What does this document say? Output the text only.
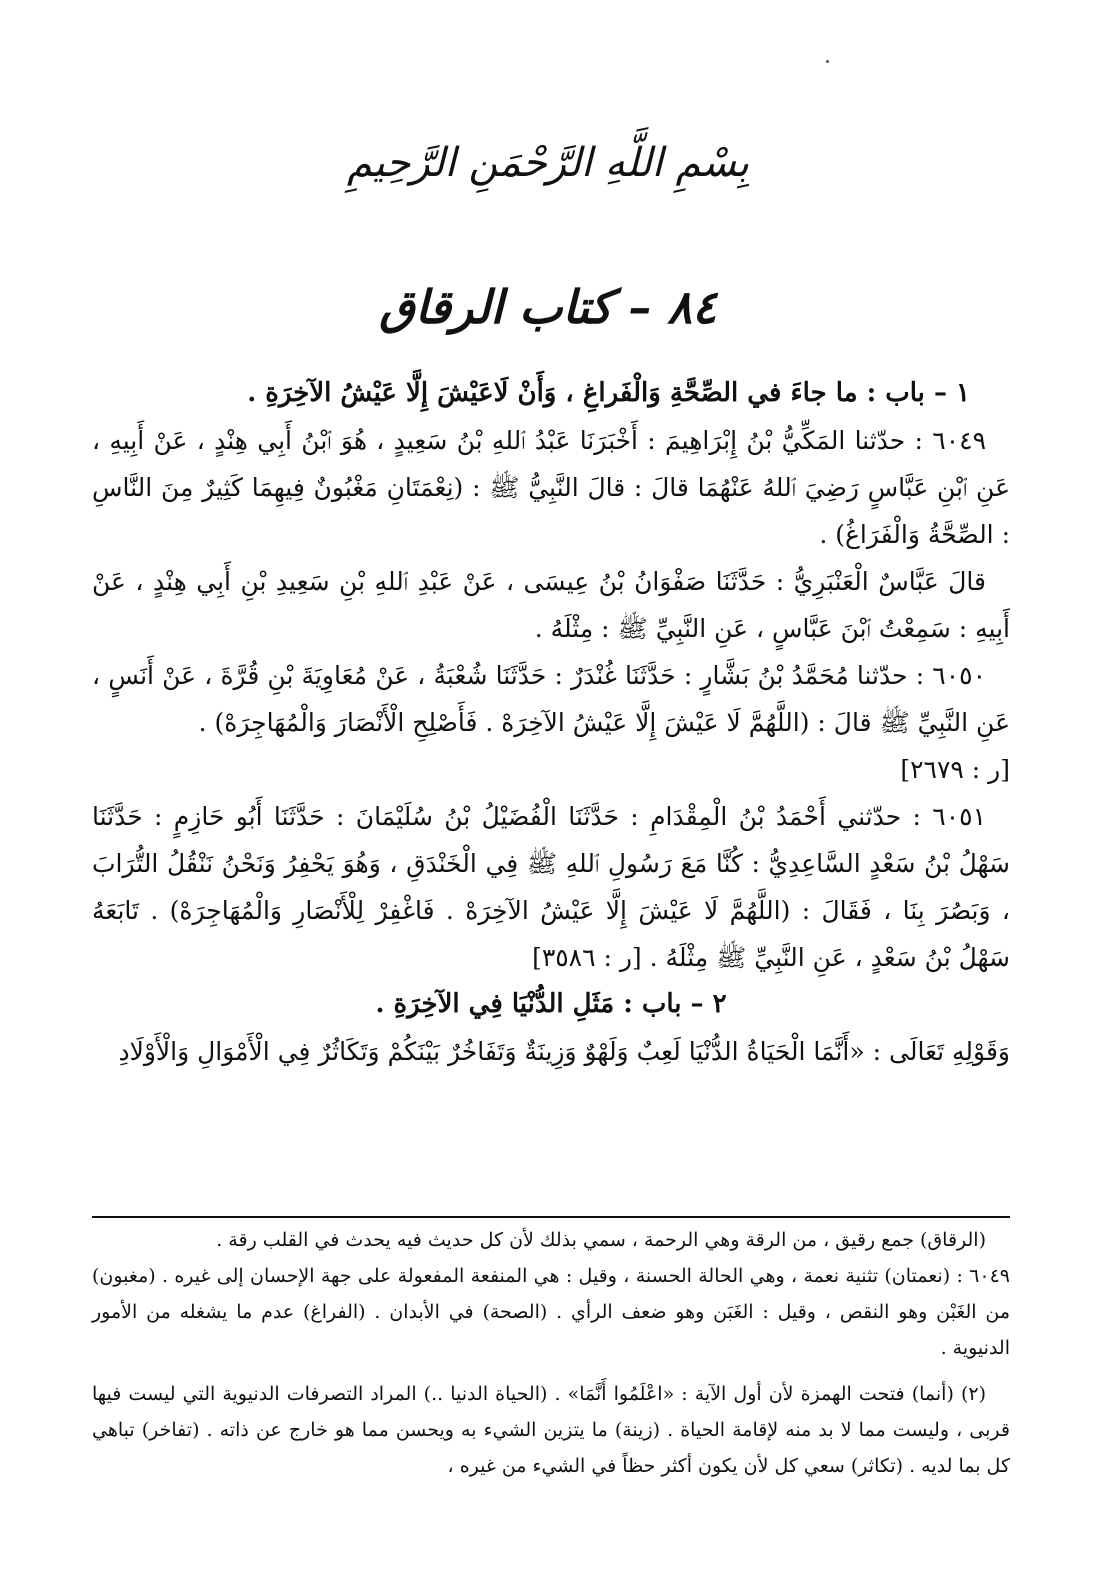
بِسْمِ اللَّهِ الرَّحْمَنِ الرَّحِيمِ
٨٤ – كتاب الرقاق

١ – باب : ما جاءَ في الصِّحَّةِ وَالْفَراغِ ، وَأَنْ لَاعَيْشَ إِلَّا عَيْشُ الآخِرَةِ .

٦٠٤٩ : حدّثنا المَكِّيُّ بْنُ إِبْرَاهِيمَ : أَخْبَرَنَا عَبْدُ ٱللهِ بْنُ سَعِيدٍ ، هُوَ ٱبْنُ أَبِي هِنْدٍ ، عَنْ أَبِيهِ ، عَنِ ٱبْنِ عَبَّاسٍ رَضِيَ ٱللهُ عَنْهُمَا قالَ : قالَ النَّبِيُّ ﷺ : (نِعْمَتَانِ مَغْبُونٌ فِيهِمَا كَثِيرٌ مِنَ النَّاسِ : الصِّحَّةُ وَالْفَرَاغُ) .

قالَ عَبَّاسٌ الْعَنْبَرِيُّ : حَدَّثَنَا صَفْوَانُ بْنُ عِيسَى ، عَنْ عَبْدِ ٱللهِ بْنِ سَعِيدِ بْنِ أَبِي هِنْدٍ ، عَنْ أَبِيهِ : سَمِعْتُ ٱبْنَ عَبَّاسٍ ، عَنِ النَّبِيِّ ﷺ : مِثْلَهُ .

٦٠٥٠ : حدّثنا مُحَمَّدُ بْنُ بَشَّارٍ : حَدَّثَنَا غُنْدَرٌ : حَدَّثَنَا شُعْبَةُ ، عَنْ مُعَاوِيَةَ بْنِ قُرَّةَ ، عَنْ أَنَسٍ ، عَنِ النَّبِيِّ ﷺ قالَ : (اللَّهُمَّ لَا عَيْشَ إِلَّا عَيْشُ الآخِرَهْ . فَأَصْلِحِ الْأَنْصَارَ وَالْمُهَاجِرَهْ) .

[ر : ٢٦٧٩]

٦٠٥١ : حدّثني أَحْمَدُ بْنُ الْمِقْدَامِ : حَدَّثَنَا الْفُضَيْلُ بْنُ سُلَيْمَانَ : حَدَّثَنَا أَبُو حَازِمٍ : حَدَّثَنَا سَهْلُ بْنُ سَعْدٍ السَّاعِدِيُّ : كُنَّا مَعَ رَسُولِ ٱللهِ ﷺ فِي الْخَنْدَقِ ، وَهُوَ يَحْفِرُ وَنَحْنُ نَنْقُلُ التُّرَابَ ، وَبَصُرَ بِنَا ، فَقَالَ : (اللَّهُمَّ لَا عَيْشَ إِلَّا عَيْشُ الآخِرَهْ . فَاغْفِرْ لِلْأَنْصَارِ وَالْمُهَاجِرَهْ) . تَابَعَهُ سَهْلُ بْنُ سَعْدٍ ، عَنِ النَّبِيِّ ﷺ مِثْلَهُ . [ر : ٣٥٨٦]

٢ – باب : مَثَلِ الدُّنْيَا فِي الآخِرَةِ .

وَقَوْلِهِ تَعَالَى : «أَنَّمَا الْحَيَاةُ الدُّنْيَا لَعِبٌ وَلَهْوٌ وَزِينَةٌ وَتَفَاخُرٌ بَيْنَكُمْ وَتَكَاثُرٌ فِي الْأَمْوَالِ وَالْأَوْلَادِ

(الرقاق) جمع رقيق ، من الرقة وهي الرحمة ، سمي بذلك لأن كل حديث فيه يحدث في القلب رقة .

٦٠٤٩ : (نعمتان) تثنية نعمة ، وهي الحالة الحسنة ، وقيل : هي المنفعة المفعولة على جهة الإحسان إلى غيره . (مغبون) من الغَبْن وهو النقص ، وقيل : الغَبَن وهو ضعف الرأي . (الصحة) في الأبدان . (الفراغ) عدم ما يشغله من الأمور الدنيوية .

(٢) (أنما) فتحت الهمزة لأن أول الآية : «اعْلَمُوا أَنَّمَا» . (الحياة الدنيا ..) المراد التصرفات الدنيوية التي ليست فيها قربى ، وليست مما لا بد منه لإقامة الحياة . (زينة) ما يتزين الشيء به ويحسن مما هو خارج عن ذاته . (تفاخر) تباهي كل بما لديه . (تكاثر) سعي كل لأن يكون أكثر حظاً في الشيء من غيره ،
